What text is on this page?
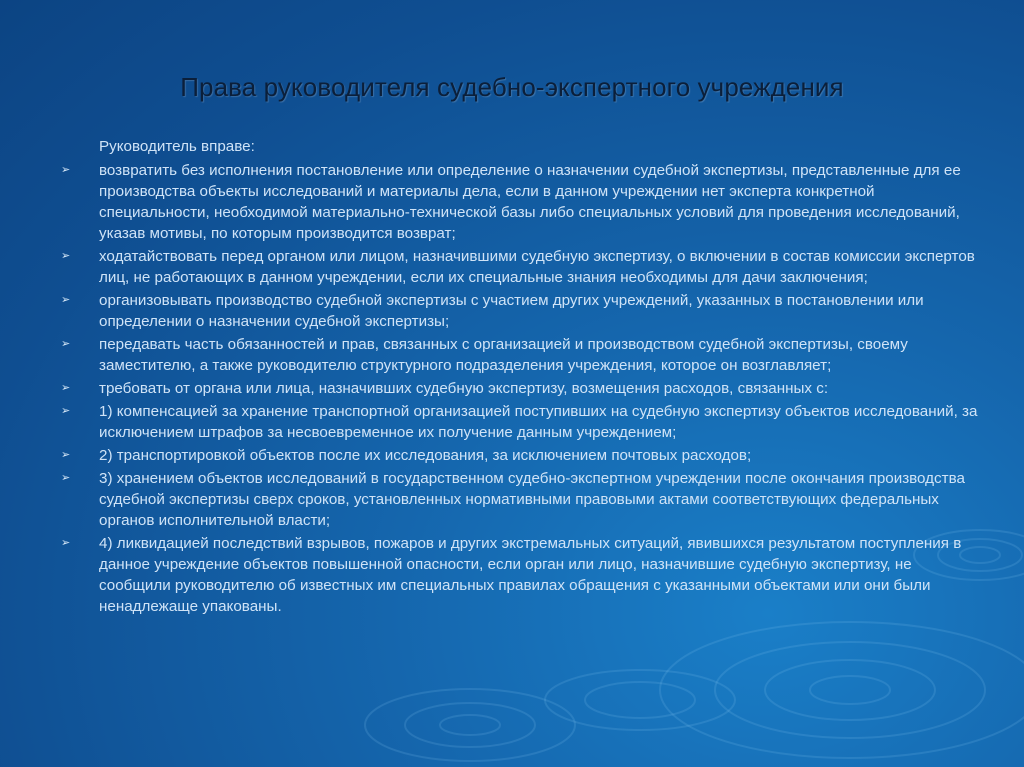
Права руководителя судебно-экспертного учреждения

Руководитель вправе:

➢ возвратить без исполнения постановление или определение о назначении судебной экспертизы, представленные для ее производства объекты исследований и материалы дела, если в данном учреждении нет эксперта конкретной специальности, необходимой материально-технической базы либо специальных условий для проведения исследований, указав мотивы, по которым производится возврат;
➢ ходатайствовать перед органом или лицом, назначившими судебную экспертизу, о включении в состав комиссии экспертов лиц, не работающих в данном учреждении, если их специальные знания необходимы для дачи заключения;
➢ организовывать производство судебной экспертизы с участием других учреждений, указанных в постановлении или определении о назначении судебной экспертизы;
➢ передавать часть обязанностей и прав, связанных с организацией и производством судебной экспертизы, своему заместителю, а также руководителю структурного подразделения учреждения, которое он возглавляет;
➢ требовать от органа или лица, назначивших судебную экспертизу, возмещения расходов, связанных с:
➢ 1) компенсацией за хранение транспортной организацией поступивших на судебную экспертизу объектов исследований, за исключением штрафов за несвоевременное их получение данным учреждением;
➢ 2) транспортировкой объектов после их исследования, за исключением почтовых расходов;
➢ 3) хранением объектов исследований в государственном судебно-экспертном учреждении после окончания производства судебной экспертизы сверх сроков, установленных нормативными правовыми актами соответствующих федеральных органов исполнительной власти;
➢ 4) ликвидацией последствий взрывов, пожаров и других экстремальных ситуаций, явившихся результатом поступления в данное учреждение объектов повышенной опасности, если орган или лицо, назначившие судебную экспертизу, не сообщили руководителю об известных им специальных правилах обращения с указанными объектами или они были ненадлежаще упакованы.
